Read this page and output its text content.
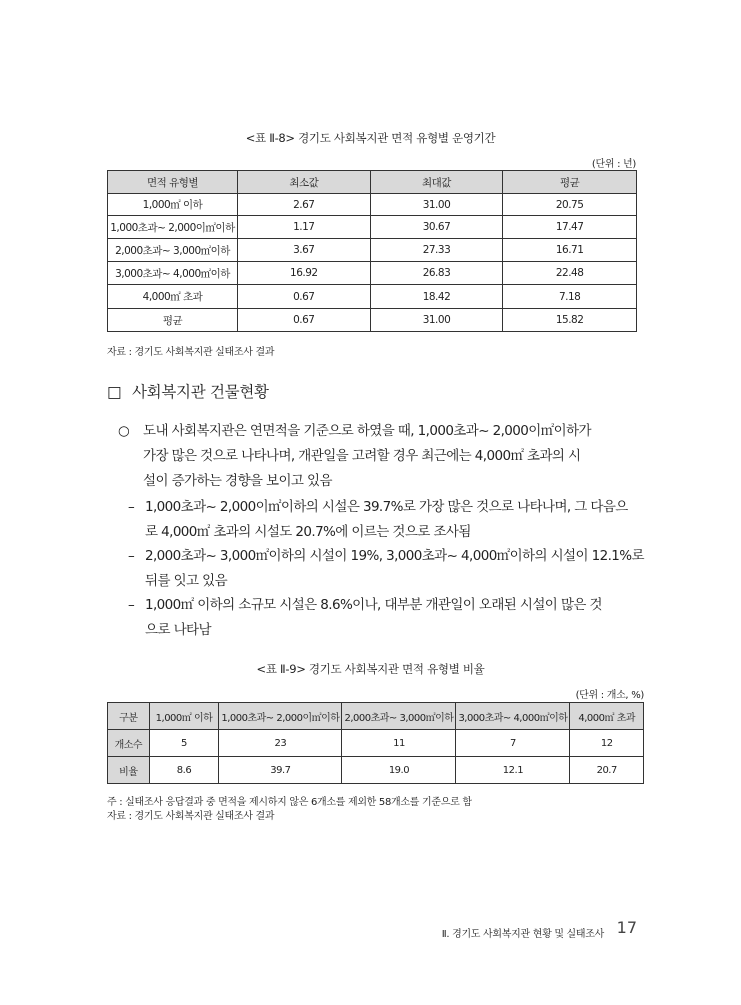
<표 Ⅱ-8> 경기도 사회복지관 면적 유형별 운영기간
(단위 : 년)
면적 유형별	최소값	최대값	평균
1,000㎡ 이하	2.67	31.00	20.75
1,000초과~ 2,000이㎡이하	1.17	30.67	17.47
2,000초과~ 3,000㎡이하	3.67	27.33	16.71
3,000초과~ 4,000㎡이하	16.92	26.83	22.48
4,000㎡ 초과	0.67	18.42	7.18
평균	0.67	31.00	15.82
자료 : 경기도 사회복지관 실태조사 결과
□ 사회복지관 건물현황
○ 도내 사회복지관은 연면적을 기준으로 하였을 때, 1,000초과~ 2,000이㎡이하가
가장 많은 것으로 나타나며, 개관일을 고려할 경우 최근에는 4,000㎡ 초과의 시
설이 증가하는 경향을 보이고 있음
– 1,000초과~ 2,000이㎡이하의 시설은 39.7%로 가장 많은 것으로 나타나며, 그 다음으
로 4,000㎡ 초과의 시설도 20.7%에 이르는 것으로 조사됨
– 2,000초과~ 3,000㎡이하의 시설이 19%, 3,000초과~ 4,000㎡이하의 시설이 12.1%로
뒤를 잇고 있음
– 1,000㎡ 이하의 소규모 시설은 8.6%이나, 대부분 개관일이 오래된 시설이 많은 것
으로 나타남
<표 Ⅱ-9> 경기도 사회복지관 면적 유형별 비율
(단위 : 개소, %)
구분	1,000㎡ 이하	1,000초과~ 2,000이㎡이하	2,000초과~ 3,000㎡이하	3,000초과~ 4,000㎡이하	4,000㎡ 초과
개소수	5	23	11	7	12
비율	8.6	39.7	19.0	12.1	20.7
주 : 실태조사 응답결과 중 면적을 제시하지 않은 6개소를 제외한 58개소를 기준으로 함
자료 : 경기도 사회복지관 실태조사 결과
Ⅱ. 경기도 사회복지관 현황 및 실태조사 17
